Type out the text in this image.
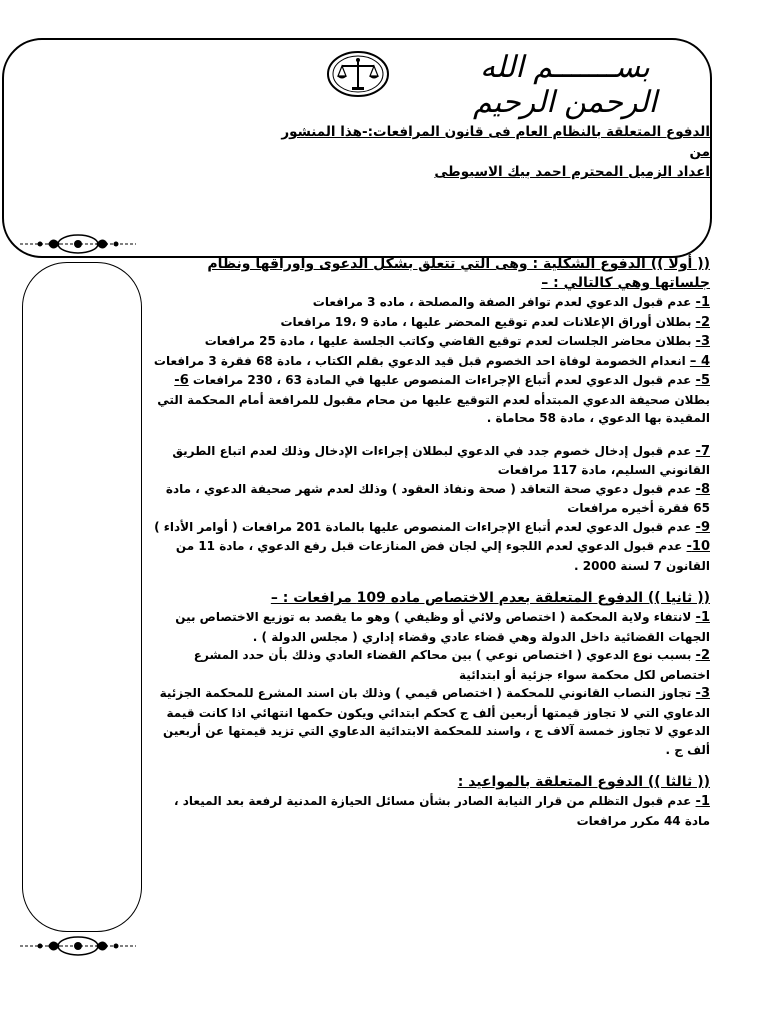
بســـــــم الله الرحمن الرحيم
الدفوع المتعلقة بالنظام العام فى قانون المرافعات:-هذا المنشور من
اعداد الزميل المحترم احمد بيك الاسيوطى

(( أولا )) الدفوع الشكلية : وهى التي تتعلق بشكل الدعوى واوراقها ونظام جلساتها وهي كالتالي : –

1- عدم قبول الدعوي لعدم توافر الصفة والمصلحة ، ماده 3 مرافعات

2- بطلان أوراق الإعلانات لعدم توقيع المحضر عليها ، مادة 9 ،19 مرافعات

3- بطلان محاضر الجلسات لعدم توقيع القاضي وكاتب الجلسة عليها ، مادة 25 مرافعات

4 – انعدام الخصومة لوفاة احد الخصوم قبل قيد الدعوي بقلم الكتاب ، مادة 68 فقرة 3 مرافعات

5- عدم قبول الدعوي لعدم أتباع الإجراءات المنصوص عليها في المادة 63 ، 230 مرافعات 6- بطلان صحيفة الدعوي المبتدأه لعدم التوقيع عليها من محام مقبول للمرافعة أمام المحكمة التي المقيدة بها الدعوي ، مادة 58 محاماة .

7- عدم قبول إدخال خصوم جدد في الدعوي لبطلان إجراءات الإدخال وذلك لعدم اتباع الطريق القانوني السليم، مادة 117 مرافعات

8- عدم قبول دعوي صحة التعاقد ( صحة ونفاذ العقود ) وذلك لعدم شهر صحيفة الدعوي ، مادة 65 فقرة أخيره مرافعات

9- عدم قبول الدعوي لعدم أتباع الإجراءات المنصوص عليها بالمادة 201 مرافعات ( أوامر الأداء )

10- عدم قبول الدعوي لعدم اللجوء إلي لجان فض المنازعات قبل رفع الدعوي ، مادة 11 من القانون 7 لسنة 2000 .

(( ثانيا )) الدفوع المتعلقة بعدم الاختصاص ماده 109 مرافعات : –

1- لانتفاء ولاية المحكمة ( اختصاص ولائي أو وظيفي ) وهو ما يقصد به توزيع الاختصاص بين الجهات القضائية داخل الدولة وهي قضاء عادي وقضاء إداري ( مجلس الدولة ) .

2- بسبب نوع الدعوي ( اختصاص نوعي ) بين محاكم القضاء العادي وذلك بأن حدد المشرع اختصاص لكل محكمة سواء جزئية أو ابتدائية

3- تجاوز النصاب القانوني للمحكمة ( اختصاص قيمي ) وذلك بان اسند المشرع للمحكمة الجزئية الدعاوي التي لا تجاوز قيمتها أربعين ألف ج كحكم ابتدائي ويكون حكمها انتهائي اذا كانت قيمة الدعوي لا تجاوز خمسة آلاف ج ، واسند للمحكمة الابتدائية الدعاوي التي تزيد قيمتها عن أربعين ألف ج .

(( ثالثا )) الدفوع المتعلقة بالمواعيد :

1- عدم قبول التظلم من قرار النيابة الصادر بشأن مسائل الحيازة المدنية لرفعة بعد الميعاد ، مادة 44 مكرر مرافعات
